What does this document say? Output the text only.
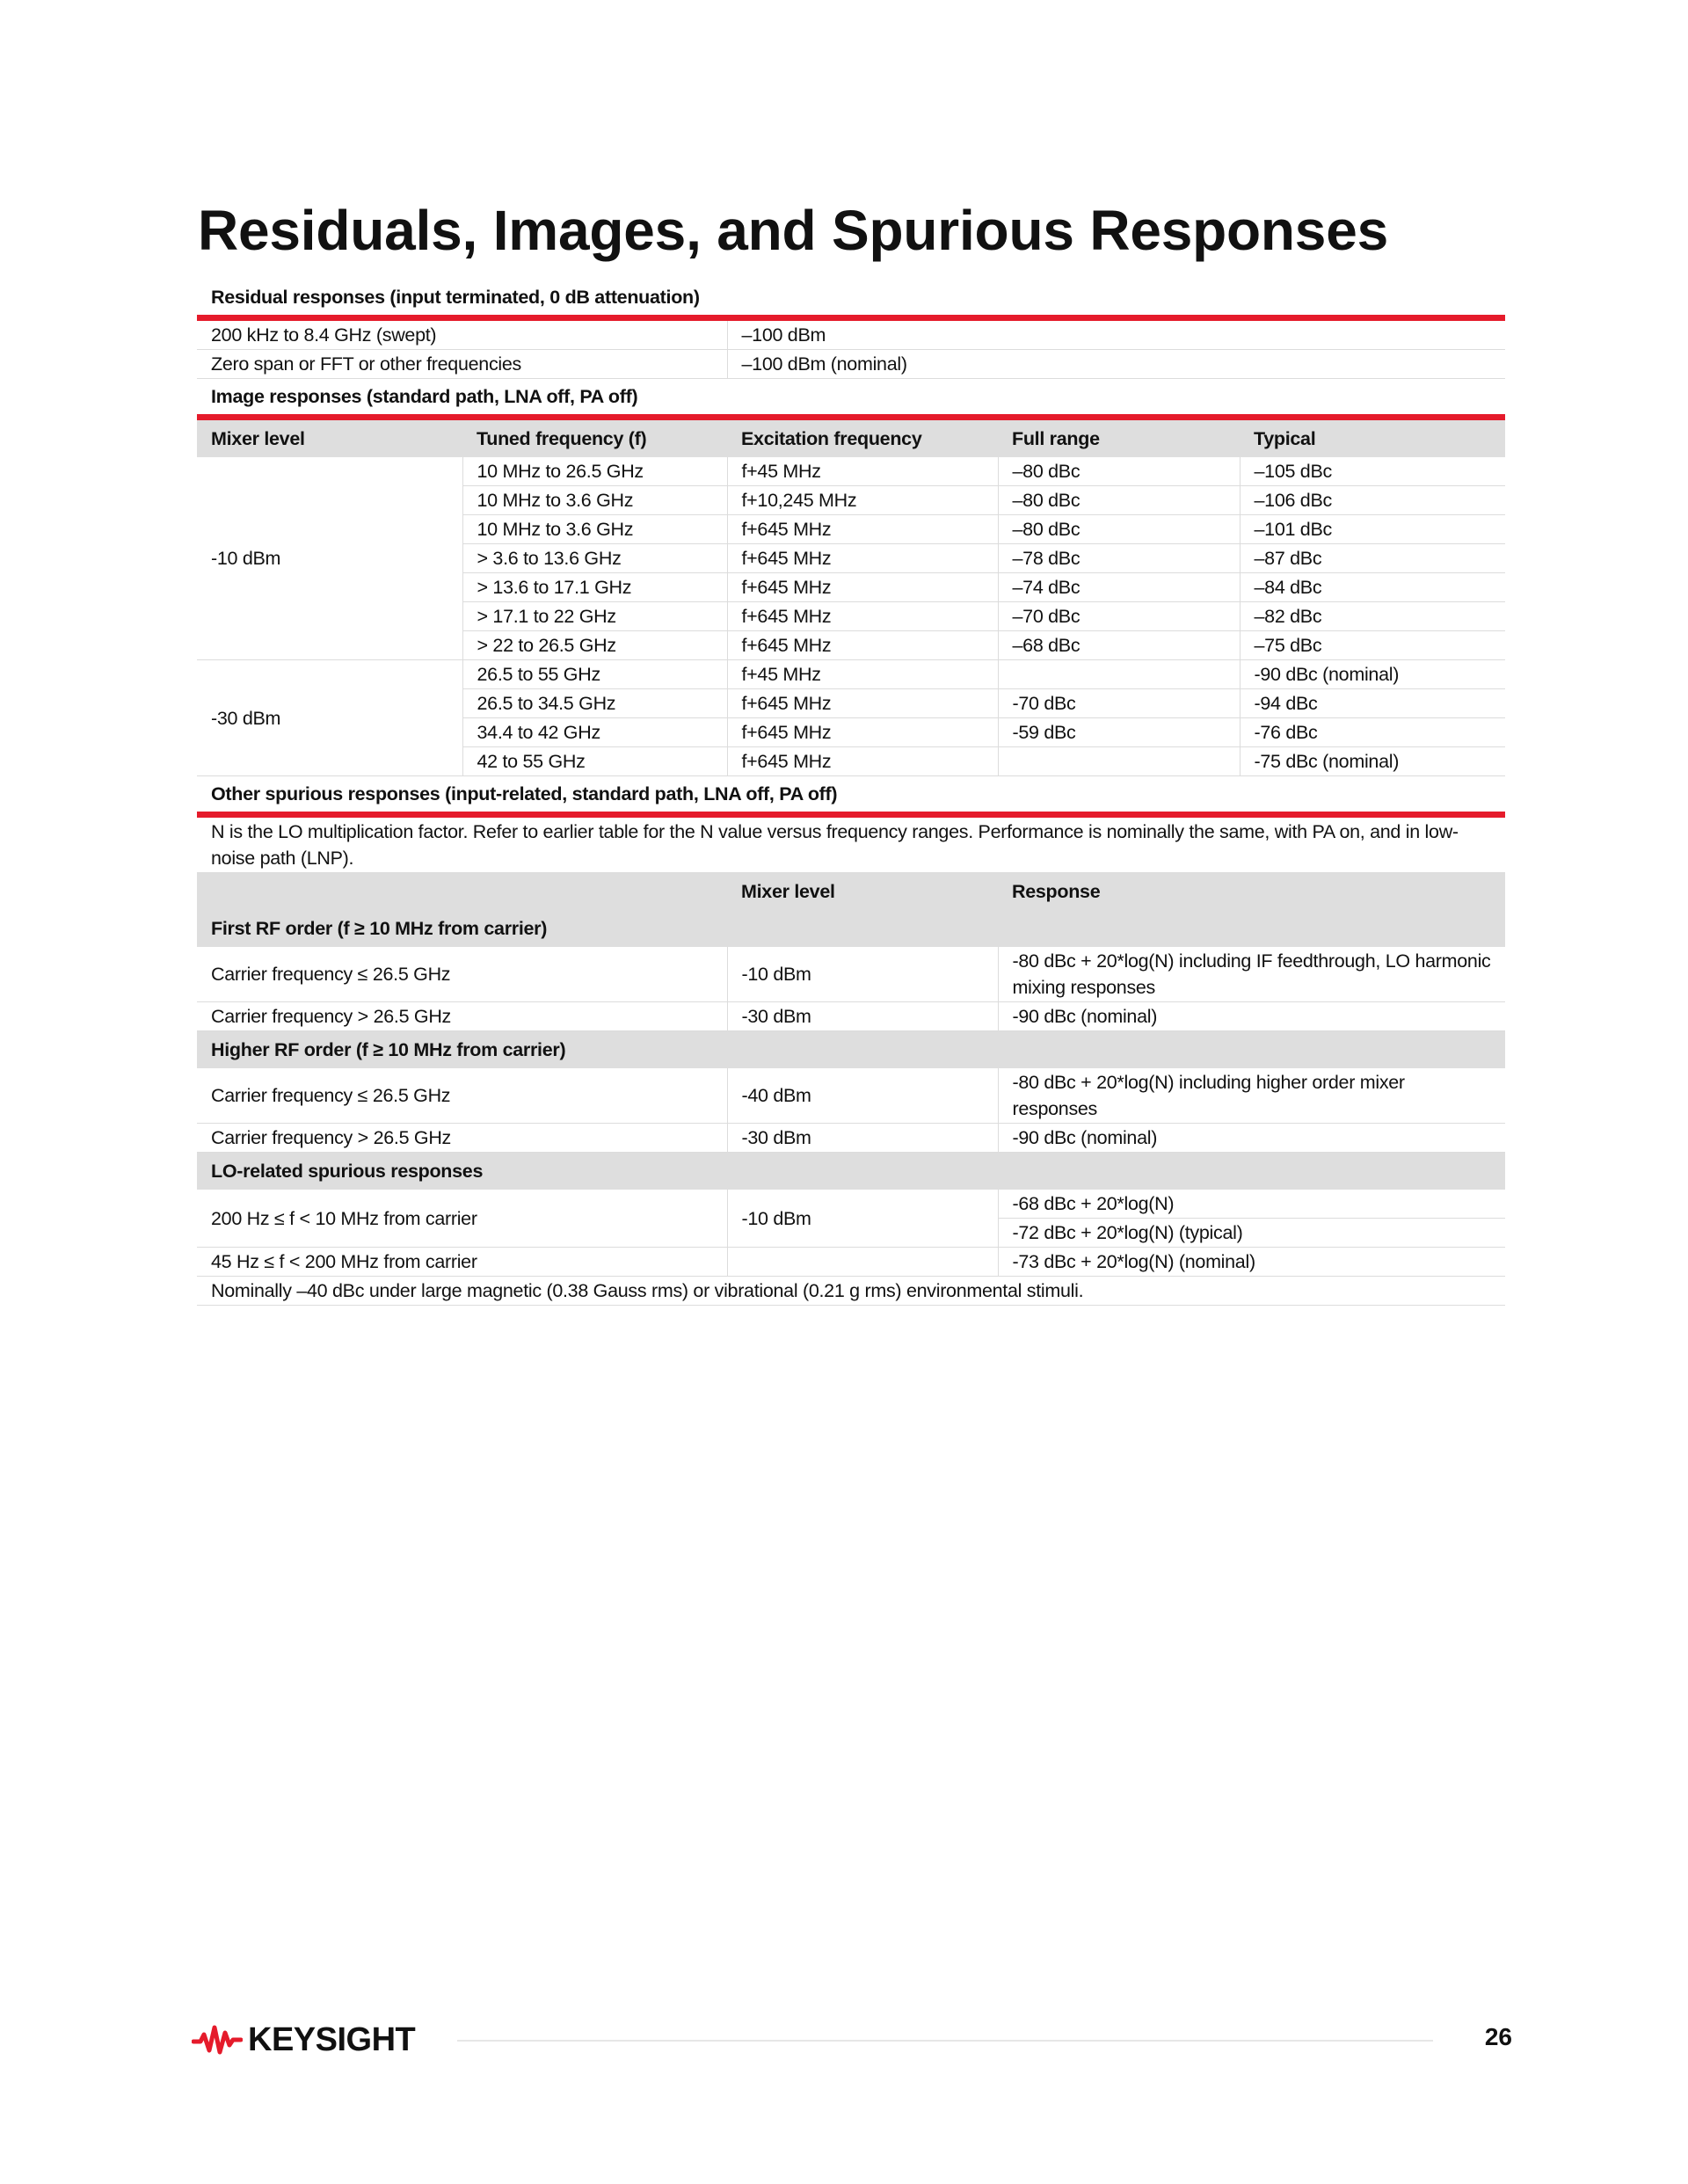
Residuals, Images, and Spurious Responses
Residual responses (input terminated, 0 dB attenuation)
200 kHz to 8.4 GHz (swept)	–100 dBm
Zero span or FFT or other frequencies	–100 dBm (nominal)
Image responses (standard path, LNA off, PA off)
Mixer level	Tuned frequency (f)	Excitation frequency	Full range	Typical
-10 dBm	10 MHz to 26.5 GHz	f+45 MHz	–80 dBc	–105 dBc
	10 MHz to 3.6 GHz	f+10,245 MHz	–80 dBc	–106 dBc
	10 MHz to 3.6 GHz	f+645 MHz	–80 dBc	–101 dBc
	> 3.6 to 13.6 GHz	f+645 MHz	–78 dBc	–87 dBc
	> 13.6 to 17.1 GHz	f+645 MHz	–74 dBc	–84 dBc
	> 17.1 to 22 GHz	f+645 MHz	–70 dBc	–82 dBc
	> 22 to 26.5 GHz	f+645 MHz	–68 dBc	–75 dBc
-30 dBm	26.5 to 55 GHz	f+45 MHz		-90 dBc (nominal)
	26.5 to 34.5 GHz	f+645 MHz	-70 dBc	-94 dBc
	34.4 to 42 GHz	f+645 MHz	-59 dBc	-76 dBc
	42 to 55 GHz	f+645 MHz		-75 dBc (nominal)
Other spurious responses (input-related, standard path, LNA off, PA off)
N is the LO multiplication factor. Refer to earlier table for the N value versus frequency ranges. Performance is nominally the same, with PA on, and in low-noise path (LNP).		
	Mixer level	Response
First RF order (f ≥ 10 MHz from carrier)		
Carrier frequency ≤ 26.5 GHz	-10 dBm	-80 dBc + 20*log(N) including IF feedthrough, LO harmonic mixing responses
Carrier frequency > 26.5 GHz	-30 dBm	-90 dBc (nominal)
Higher RF order (f ≥ 10 MHz from carrier)		
Carrier frequency ≤ 26.5 GHz	-40 dBm	-80 dBc + 20*log(N) including higher order mixer responses
Carrier frequency > 26.5 GHz	-30 dBm	-90 dBc (nominal)
LO-related spurious responses		
200 Hz ≤ f < 10 MHz from carrier	-10 dBm	-68 dBc + 20*log(N)
		-72 dBc + 20*log(N) (typical)
45 Hz ≤ f < 200 MHz from carrier		-73 dBc + 20*log(N) (nominal)
Nominally –40 dBc under large magnetic (0.38 Gauss rms) or vibrational (0.21 g rms) environmental stimuli.		
KEYSIGHT	26
